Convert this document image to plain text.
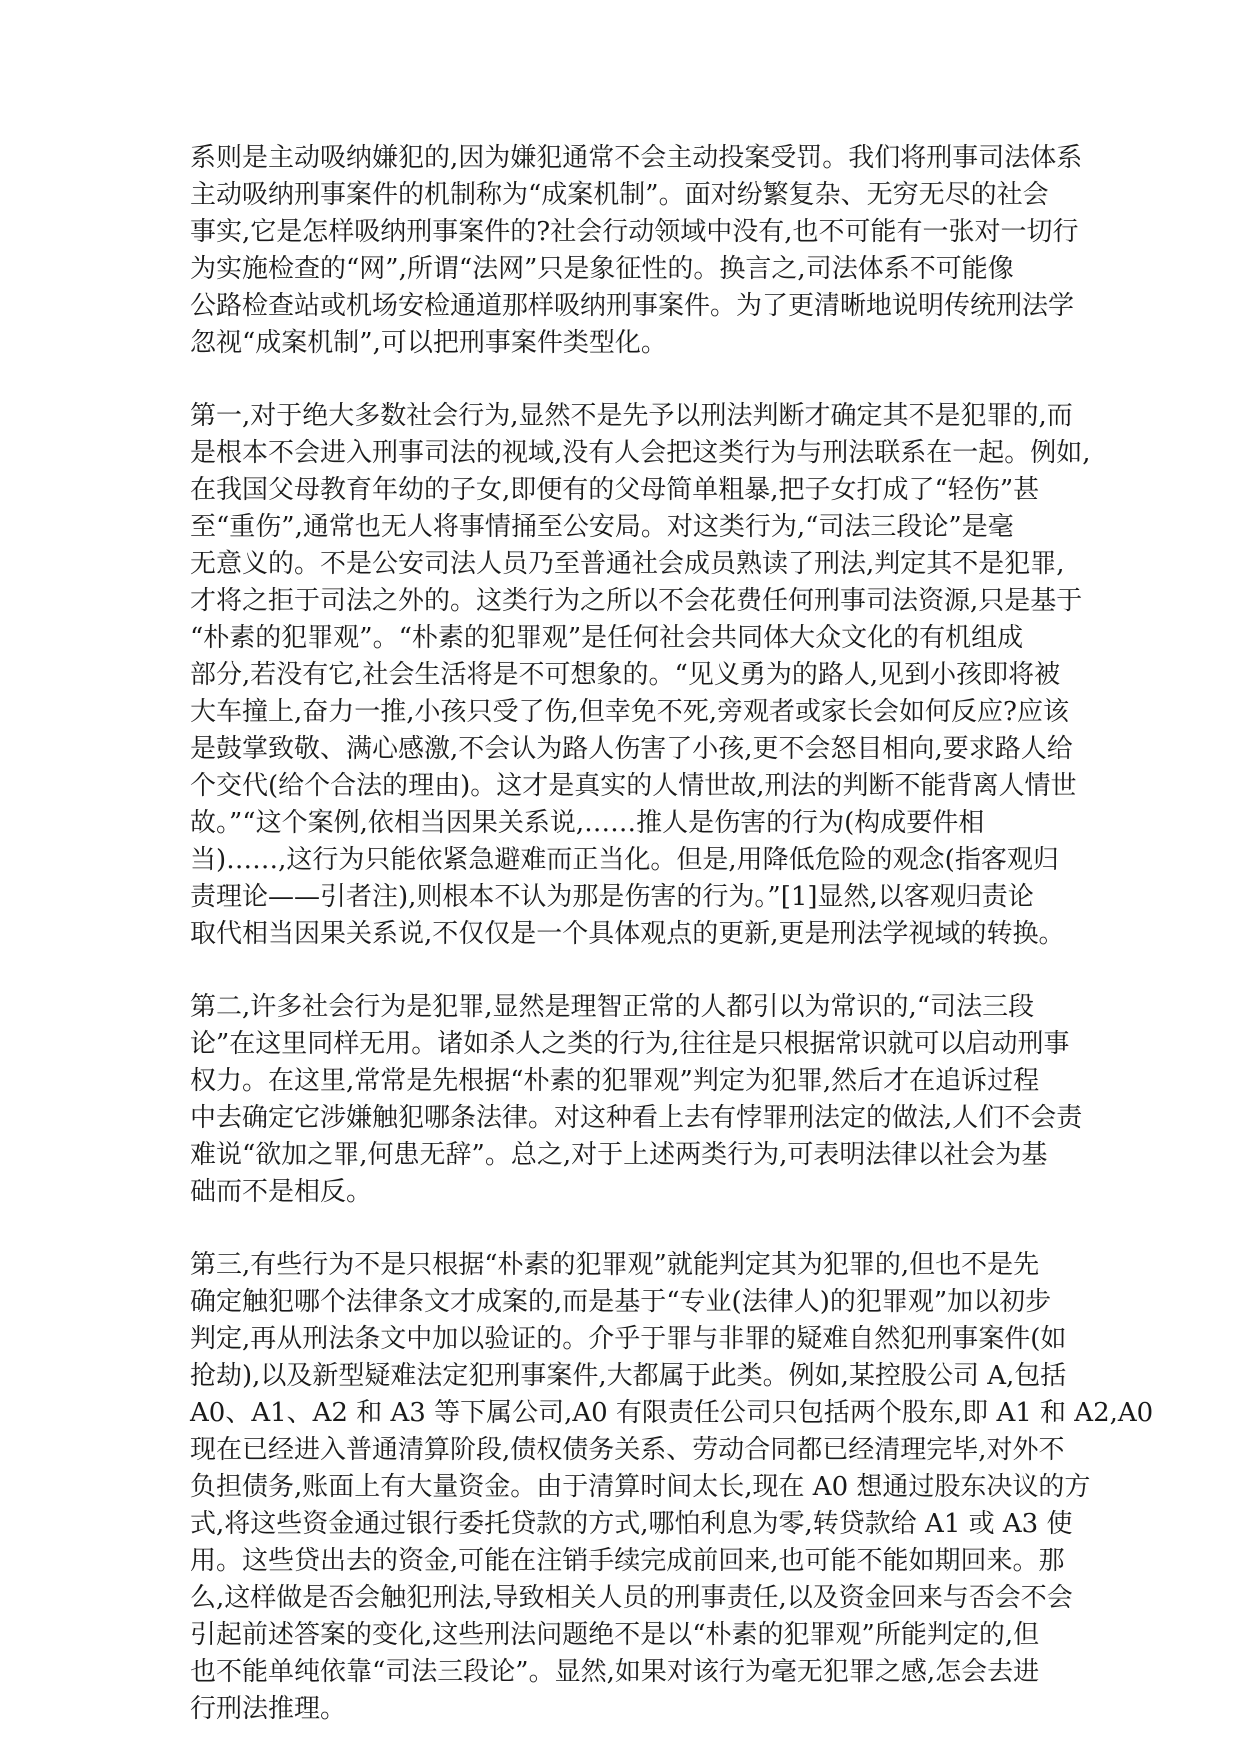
系则是主动吸纳嫌犯的,因为嫌犯通常不会主动投案受罚。我们将刑事司法体系
主动吸纳刑事案件的机制称为“成案机制”。面对纷繁复杂、无穷无尽的社会
事实,它是怎样吸纳刑事案件的?社会行动领域中没有,也不可能有一张对一切行
为实施检查的“网”,所谓“法网”只是象征性的。换言之,司法体系不可能像
公路检查站或机场安检通道那样吸纳刑事案件。为了更清晰地说明传统刑法学
忽视“成案机制”,可以把刑事案件类型化。
第一,对于绝大多数社会行为,显然不是先予以刑法判断才确定其不是犯罪的,而
是根本不会进入刑事司法的视域,没有人会把这类行为与刑法联系在一起。例如,
在我国父母教育年幼的子女,即便有的父母简单粗暴,把子女打成了“轻伤”甚
至“重伤”,通常也无人将事情捅至公安局。对这类行为,“司法三段论”是毫
无意义的。不是公安司法人员乃至普通社会成员熟读了刑法,判定其不是犯罪,
才将之拒于司法之外的。这类行为之所以不会花费任何刑事司法资源,只是基于
“朴素的犯罪观”。“朴素的犯罪观”是任何社会共同体大众文化的有机组成
部分,若没有它,社会生活将是不可想象的。“见义勇为的路人,见到小孩即将被
大车撞上,奋力一推,小孩只受了伤,但幸免不死,旁观者或家长会如何反应?应该
是鼓掌致敬、满心感激,不会认为路人伤害了小孩,更不会怒目相向,要求路人给
个交代(给个合法的理由)。这才是真实的人情世故,刑法的判断不能背离人情世
故。”“这个案例,依相当因果关系说,……推人是伤害的行为(构成要件相
当)……,这行为只能依紧急避难而正当化。但是,用降低危险的观念(指客观归
责理论——引者注),则根本不认为那是伤害的行为。”[1]显然,以客观归责论
取代相当因果关系说,不仅仅是一个具体观点的更新,更是刑法学视域的转换。
第二,许多社会行为是犯罪,显然是理智正常的人都引以为常识的,“司法三段
论”在这里同样无用。诸如杀人之类的行为,往往是只根据常识就可以启动刑事
权力。在这里,常常是先根据“朴素的犯罪观”判定为犯罪,然后才在追诉过程
中去确定它涉嫌触犯哪条法律。对这种看上去有悖罪刑法定的做法,人们不会责
难说“欲加之罪,何患无辞”。总之,对于上述两类行为,可表明法律以社会为基
础而不是相反。
第三,有些行为不是只根据“朴素的犯罪观”就能判定其为犯罪的,但也不是先
确定触犯哪个法律条文才成案的,而是基于“专业(法律人)的犯罪观”加以初步
判定,再从刑法条文中加以验证的。介乎于罪与非罪的疑难自然犯刑事案件(如
抢劫),以及新型疑难法定犯刑事案件,大都属于此类。例如,某控股公司 A,包括
A0、A1、A2 和 A3 等下属公司,A0 有限责任公司只包括两个股东,即 A1 和 A2,A0
现在已经进入普通清算阶段,债权债务关系、劳动合同都已经清理完毕,对外不
负担债务,账面上有大量资金。由于清算时间太长,现在 A0 想通过股东决议的方
式,将这些资金通过银行委托贷款的方式,哪怕利息为零,转贷款给 A1 或 A3 使
用。这些贷出去的资金,可能在注销手续完成前回来,也可能不能如期回来。那
么,这样做是否会触犯刑法,导致相关人员的刑事责任,以及资金回来与否会不会
引起前述答案的变化,这些刑法问题绝不是以“朴素的犯罪观”所能判定的,但
也不能单纯依靠“司法三段论”。显然,如果对该行为毫无犯罪之感,怎会去进
行刑法推理。
